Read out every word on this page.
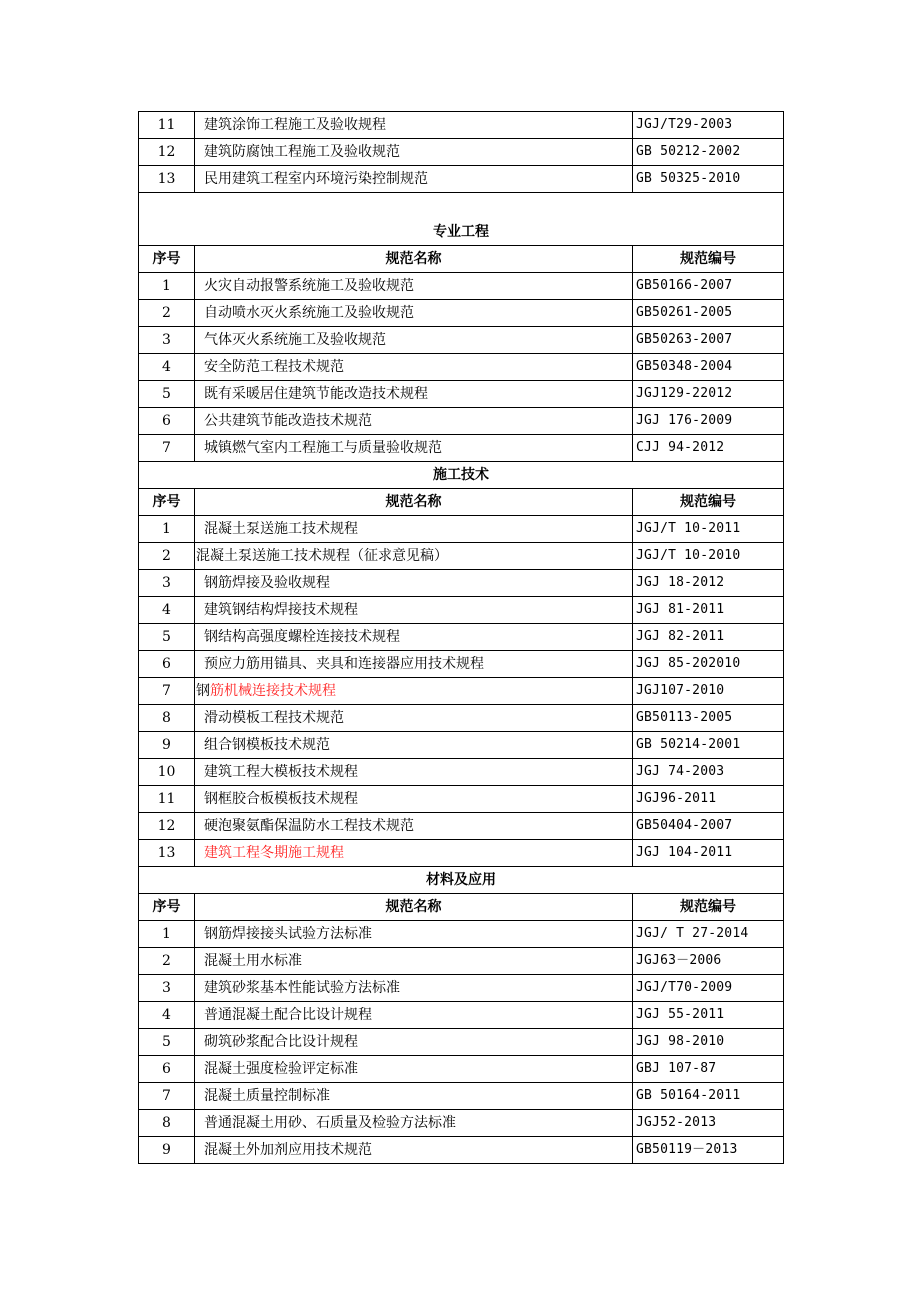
11	建筑涂饰工程施工及验收规程	JGJ/T29-2003
12	建筑防腐蚀工程施工及验收规范	GB 50212-2002
13	民用建筑工程室内环境污染控制规范	GB 50325-2010
专业工程		
序号	规范名称	规范编号
1	火灾自动报警系统施工及验收规范	GB50166-2007
2	自动喷水灭火系统施工及验收规范	GB50261-2005
3	气体灭火系统施工及验收规范	GB50263-2007
4	安全防范工程技术规范	GB50348-2004
5	既有采暖居住建筑节能改造技术规程	JGJ129-22012
6	公共建筑节能改造技术规范	JGJ 176-2009
7	城镇燃气室内工程施工与质量验收规范	CJJ 94-2012
施工技术		
序号	规范名称	规范编号
1	混凝土泵送施工技术规程	JGJ/T 10-2011
2	混凝土泵送施工技术规程（征求意见稿）	JGJ/T 10-2010
3	钢筋焊接及验收规程	JGJ 18-2012
4	建筑钢结构焊接技术规程	JGJ 81-2011
5	钢结构高强度螺栓连接技术规程	JGJ 82-2011
6	预应力筋用锚具、夹具和连接器应用技术规程	JGJ 85-202010
7	钢筋机械连接技术规程	JGJ107-2010
8	滑动模板工程技术规范	GB50113-2005
9	组合钢模板技术规范	GB 50214-2001
10	建筑工程大模板技术规程	JGJ 74-2003
11	钢框胶合板模板技术规程	JGJ96-2011
12	硬泡聚氨酯保温防水工程技术规范	GB50404-2007
13	建筑工程冬期施工规程	JGJ 104-2011
材料及应用		
序号	规范名称	规范编号
1	钢筋焊接接头试验方法标准	JGJ/ T 27-2014
2	混凝土用水标准	JGJ63－2006
3	建筑砂浆基本性能试验方法标准	JGJ/T70-2009
4	普通混凝土配合比设计规程	JGJ 55-2011
5	砌筑砂浆配合比设计规程	JGJ 98-2010
6	混凝土强度检验评定标准	GBJ 107-87
7	混凝土质量控制标准	GB 50164-2011
8	普通混凝土用砂、石质量及检验方法标准	JGJ52-2013
9	混凝土外加剂应用技术规范	GB50119－2013
